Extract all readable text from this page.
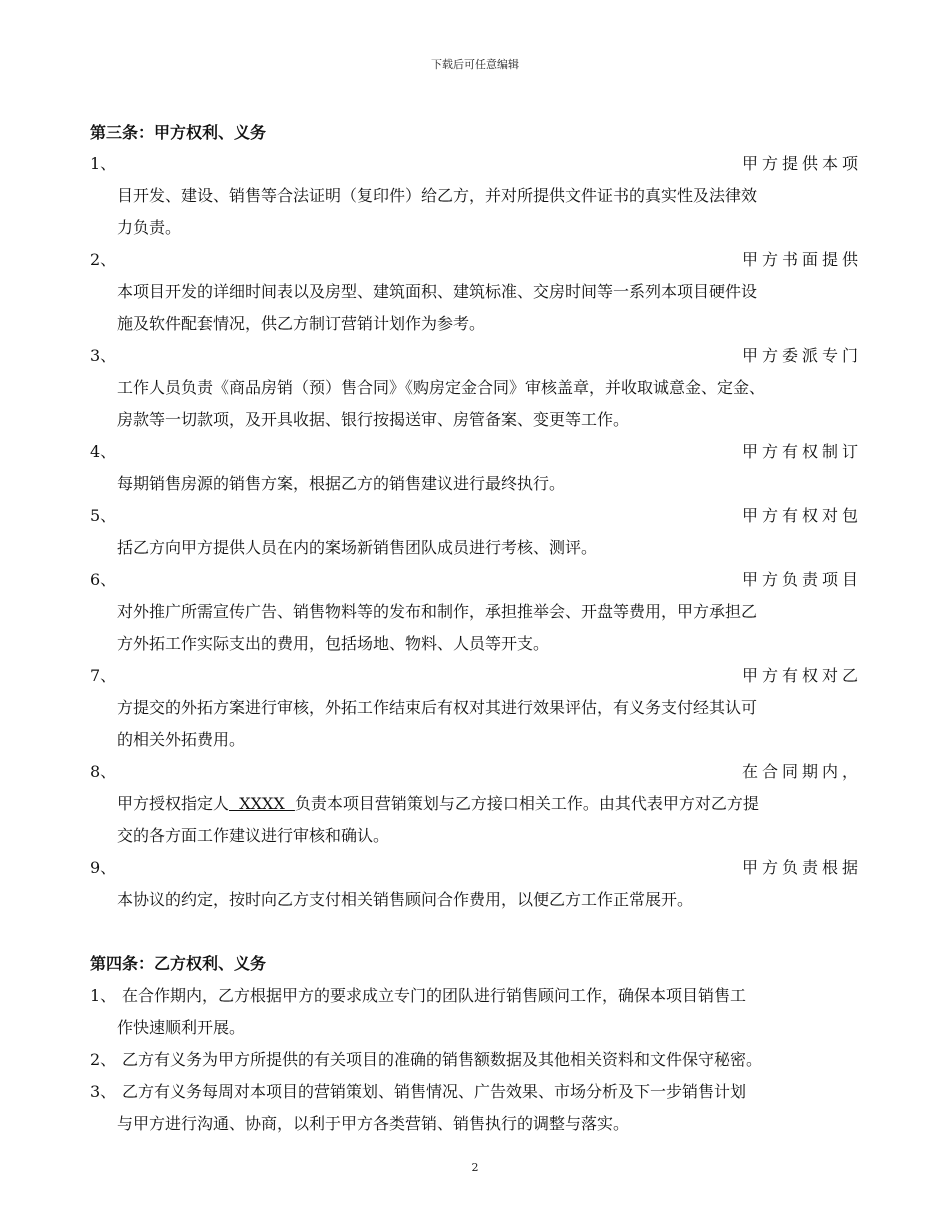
下载后可任意编辑
第三条：甲方权利、义务
1、	甲方提供本项
目开发、建设、销售等合法证明（复印件）给乙方，并对所提供文件证书的真实性及法律效
力负责。
2、	甲方书面提供
本项目开发的详细时间表以及房型、建筑面积、建筑标准、交房时间等一系列本项目硬件设
施及软件配套情况，供乙方制订营销计划作为参考。
3、	甲方委派专门
工作人员负责《商品房销（预）售合同》《购房定金合同》审核盖章，并收取诚意金、定金、
房款等一切款项，及开具收据、银行按揭送审、房管备案、变更等工作。
4、	甲方有权制订
每期销售房源的销售方案，根据乙方的销售建议进行最终执行。
5、	甲方有权对包
括乙方向甲方提供人员在内的案场新销售团队成员进行考核、测评。
6、	甲方负责项目
对外推广所需宣传广告、销售物料等的发布和制作，承担推举会、开盘等费用，甲方承担乙
方外拓工作实际支出的费用，包括场地、物料、人员等开支。
7、	甲方有权对乙
方提交的外拓方案进行审核，外拓工作结束后有权对其进行效果评估，有义务支付经其认可
的相关外拓费用。
8、	在合同期内，
甲方授权指定人  XXXX  负责本项目营销策划与乙方接口相关工作。由其代表甲方对乙方提
交的各方面工作建议进行审核和确认。
9、	甲方负责根据
本协议的约定，按时向乙方支付相关销售顾问合作费用，以便乙方工作正常展开。
第四条：乙方权利、义务
1、 在合作期内，乙方根据甲方的要求成立专门的团队进行销售顾问工作，确保本项目销售工
作快速顺利开展。
2、 乙方有义务为甲方所提供的有关项目的准确的销售额数据及其他相关资料和文件保守秘密。
3、 乙方有义务每周对本项目的营销策划、销售情况、广告效果、市场分析及下一步销售计划
与甲方进行沟通、协商，以利于甲方各类营销、销售执行的调整与落实。
2
